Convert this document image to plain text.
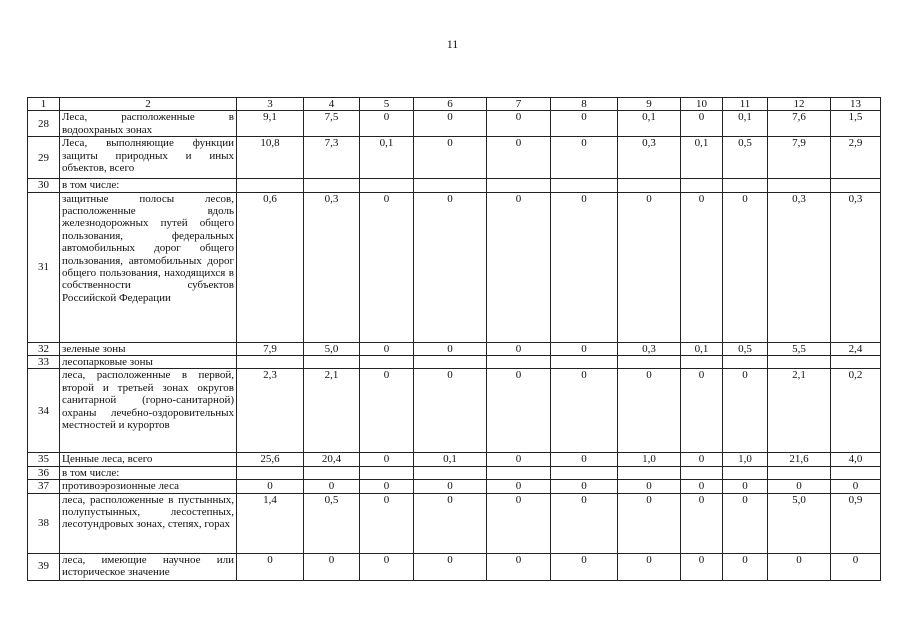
11
1	2	3	4	5	6	7	8	9	10	11	12	13
28	Леса, расположенные в водоохраных зонах	9,1	7,5	0	0	0	0	0,1	0	0,1	7,6	1,5
29	Леса, выполняющие функции защиты природных и иных объектов, всего	10,8	7,3	0,1	0	0	0	0,3	0,1	0,5	7,9	2,9
30	в том числе:											
31	защитные полосы лесов, расположенные вдоль железнодорожных путей общего пользования, федеральных автомобильных дорог общего пользования, автомобильных дорог общего пользования, находящихся в собственности субъектов Российской Федерации	0,6	0,3	0	0	0	0	0	0	0	0,3	0,3
32	зеленые зоны	7,9	5,0	0	0	0	0	0,3	0,1	0,5	5,5	2,4
33	лесопарковые зоны											
34	леса, расположенные в первой, второй и третьей зонах округов санитарной (горно-санитарной) охраны лечебно-оздоровительных местностей и курортов	2,3	2,1	0	0	0	0	0	0	0	2,1	0,2
35	Ценные леса, всего	25,6	20,4	0	0,1	0	0	1,0	0	1,0	21,6	4,0
36	в том числе:											
37	противоэрозионные леса	0	0	0	0	0	0	0	0	0	0	0
38	леса, расположенные в пустынных, полупустынных, лесостепных, лесотундровых зонах, степях, горах	1,4	0,5	0	0	0	0	0	0	0	5,0	0,9
39	леса, имеющие научное или историческое значение	0	0	0	0	0	0	0	0	0	0	0
